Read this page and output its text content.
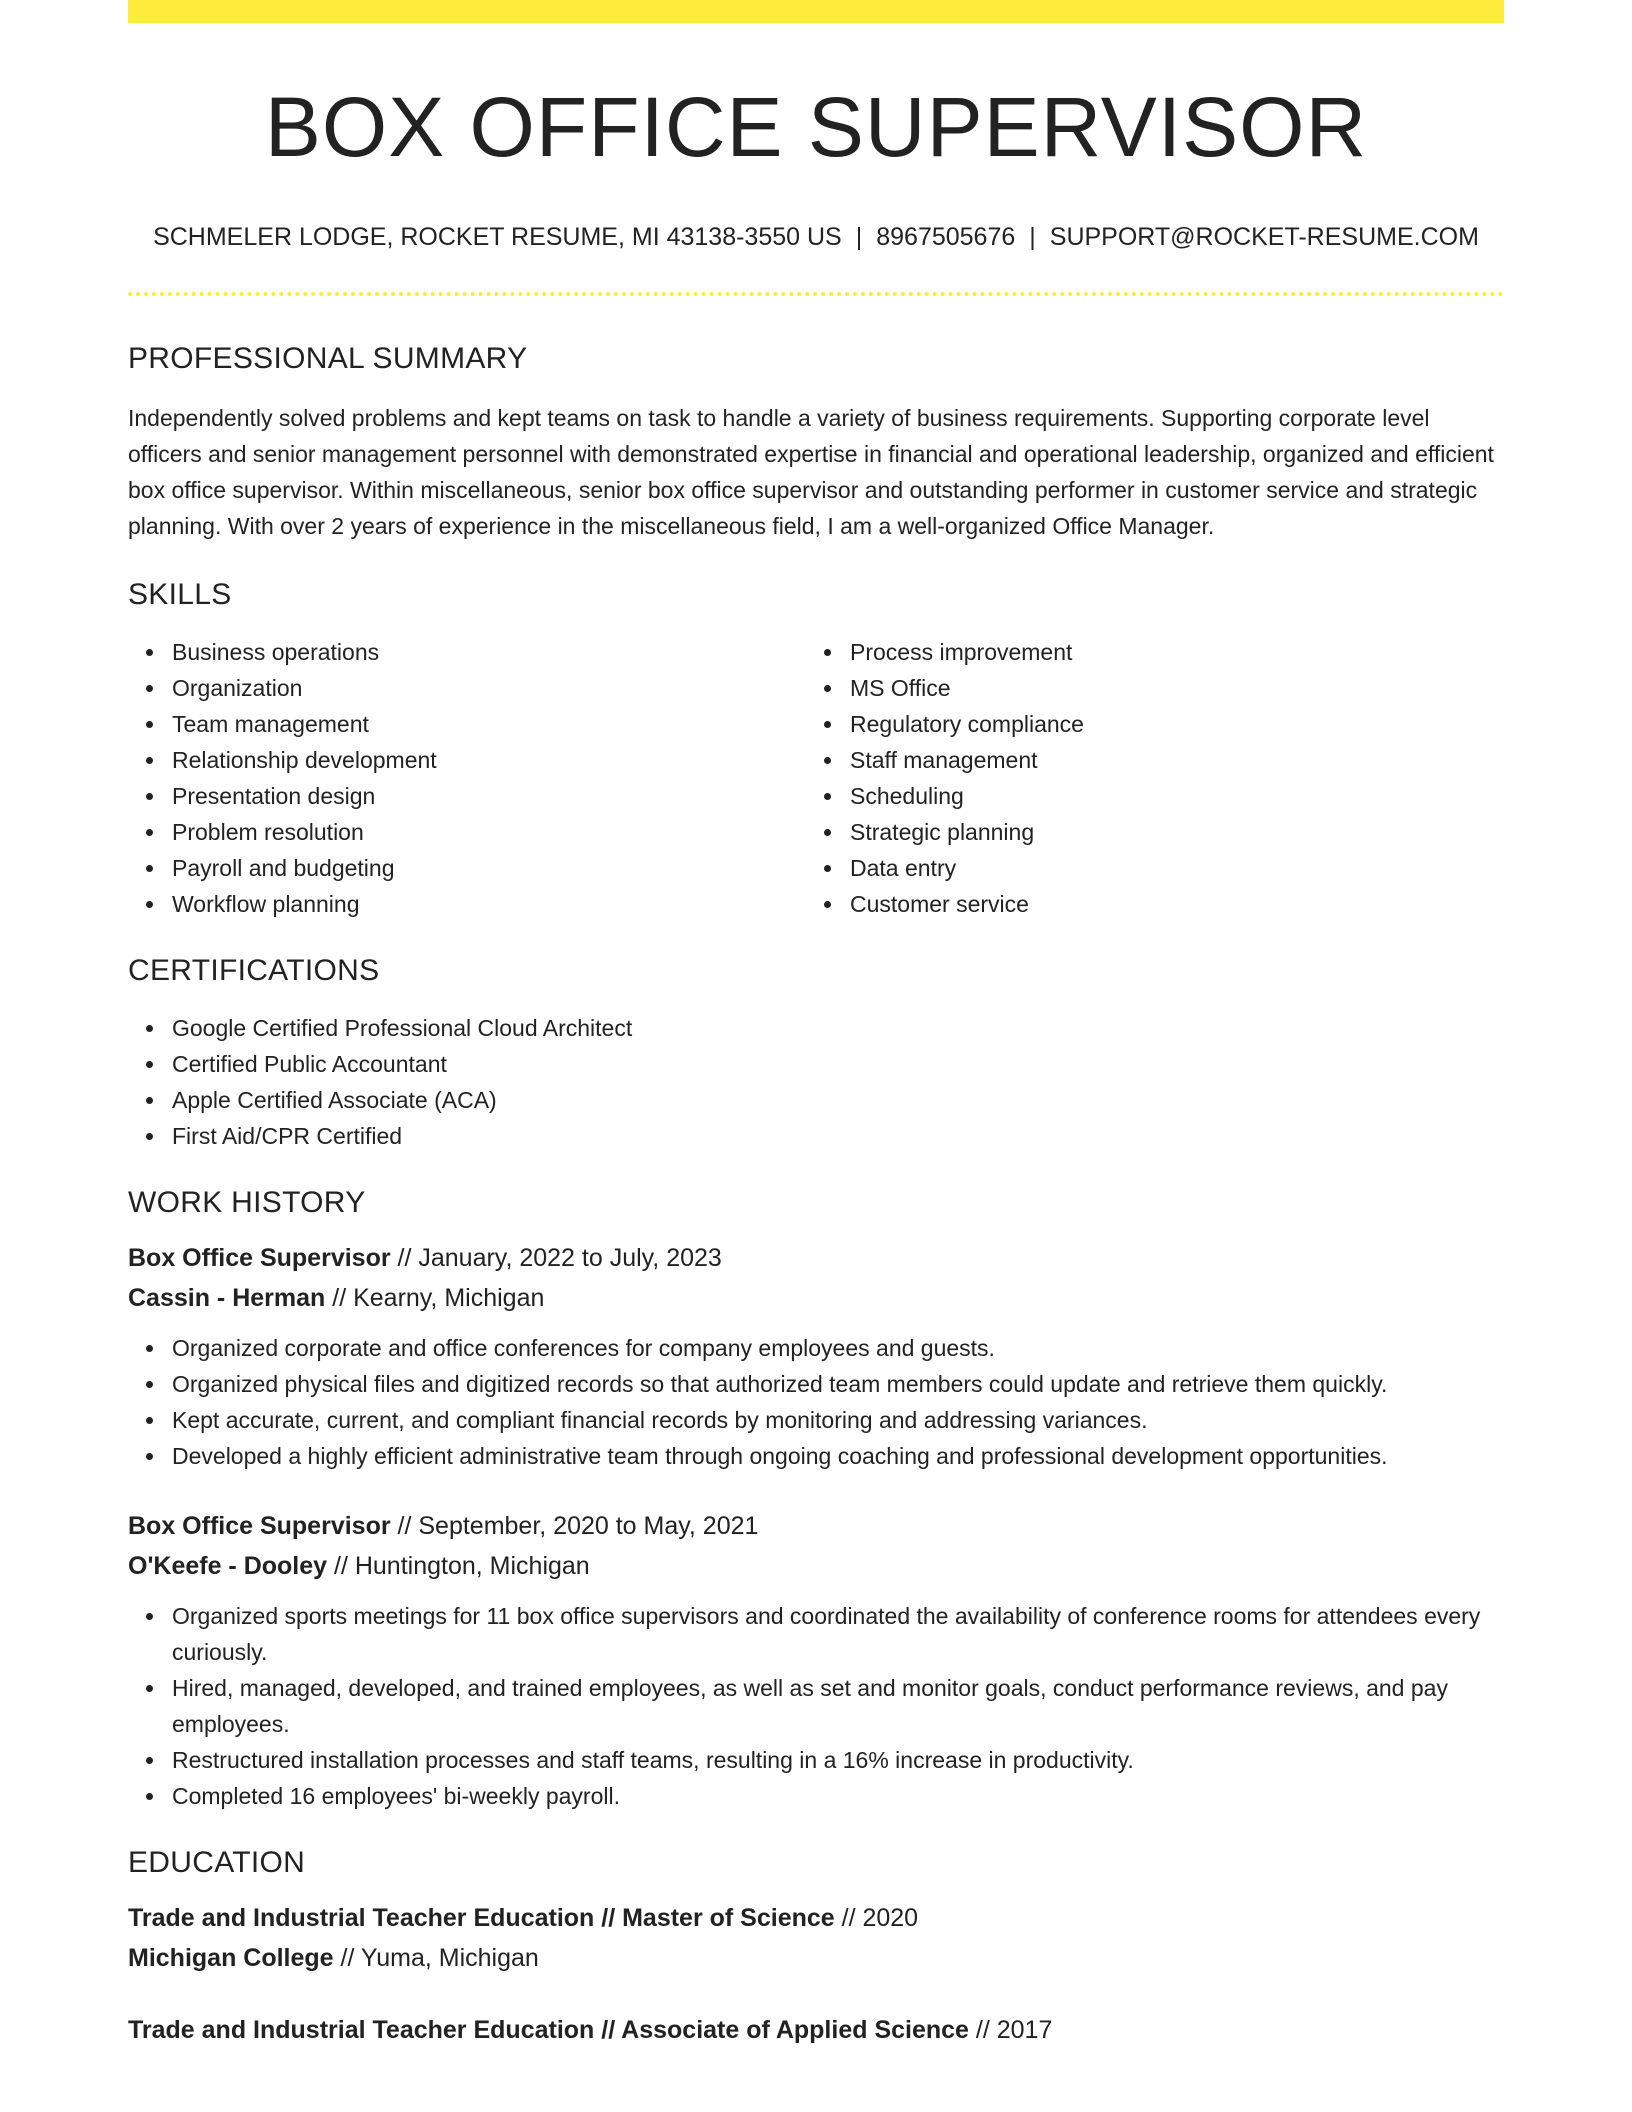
BOX OFFICE SUPERVISOR
SCHMELER LODGE, ROCKET RESUME, MI 43138-3550 US | 8967505676 | SUPPORT@ROCKET-RESUME.COM
PROFESSIONAL SUMMARY

Independently solved problems and kept teams on task to handle a variety of business requirements. Supporting corporate level officers and senior management personnel with demonstrated expertise in financial and operational leadership, organized and efficient box office supervisor. Within miscellaneous, senior box office supervisor and outstanding performer in customer service and strategic planning. With over 2 years of experience in the miscellaneous field, I am a well-organized Office Manager.

SKILLS
Business operations
Organization
Team management
Relationship development
Presentation design
Problem resolution
Payroll and budgeting
Workflow planning
Process improvement
MS Office
Regulatory compliance
Staff management
Scheduling
Strategic planning
Data entry
Customer service
CERTIFICATIONS
Google Certified Professional Cloud Architect
Certified Public Accountant
Apple Certified Associate (ACA)
First Aid/CPR Certified
WORK HISTORY
Box Office Supervisor // January, 2022 to July, 2023
Cassin - Herman // Kearny, Michigan
Organized corporate and office conferences for company employees and guests.
Organized physical files and digitized records so that authorized team members could update and retrieve them quickly.
Kept accurate, current, and compliant financial records by monitoring and addressing variances.
Developed a highly efficient administrative team through ongoing coaching and professional development opportunities.
Box Office Supervisor // September, 2020 to May, 2021
O'Keefe - Dooley // Huntington, Michigan
Organized sports meetings for 11 box office supervisors and coordinated the availability of conference rooms for attendees every curiously.
Hired, managed, developed, and trained employees, as well as set and monitor goals, conduct performance reviews, and pay employees.
Restructured installation processes and staff teams, resulting in a 16% increase in productivity.
Completed 16 employees' bi-weekly payroll.
EDUCATION
Trade and Industrial Teacher Education // Master of Science // 2020
Michigan College // Yuma, Michigan
Trade and Industrial Teacher Education // Associate of Applied Science // 2017
